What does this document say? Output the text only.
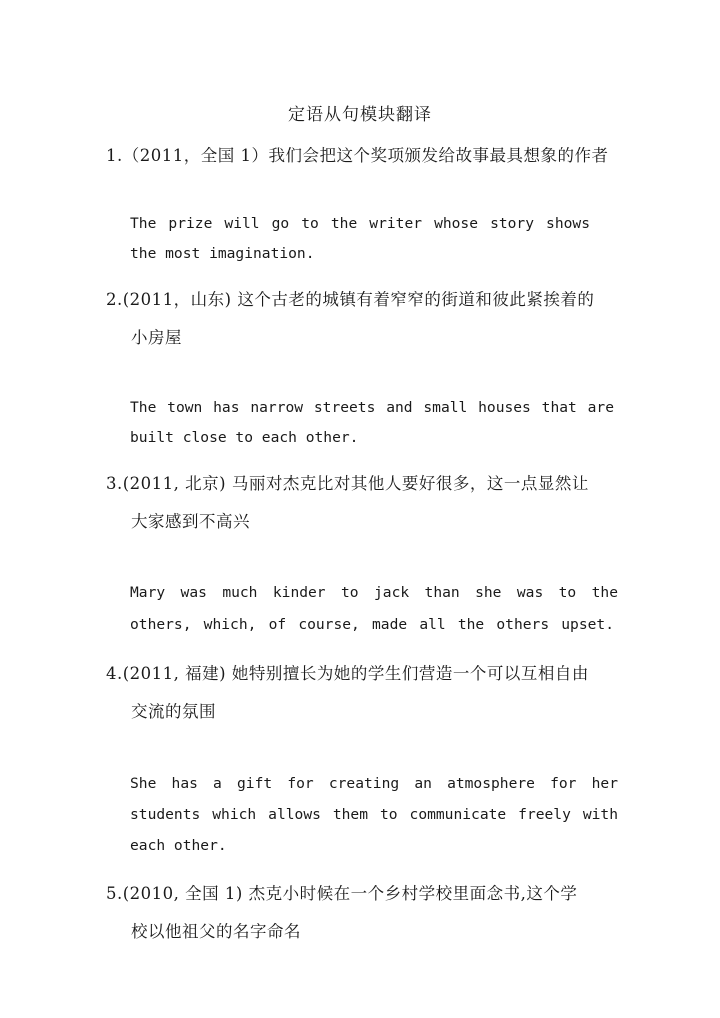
定语从句模块翻译
1.（2011，全国 1）我们会把这个奖项颁发给故事最具想象的作者
The prize will go to the writer whose story shows
the most imagination.
2.(2011，山东) 这个古老的城镇有着窄窄的街道和彼此紧挨着的
小房屋
The town has narrow streets and small houses that are
built close to each other.
3.(2011, 北京) 马丽对杰克比对其他人要好很多，这一点显然让
大家感到不高兴
Mary was much kinder to jack than she was to the
others, which, of course, made all the others upset.
4.(2011, 福建) 她特别擅长为她的学生们营造一个可以互相自由
交流的氛围
She has a gift for creating an atmosphere for her
students which allows them to communicate freely with
each other.
5.(2010, 全国 1) 杰克小时候在一个乡村学校里面念书,这个学
校以他祖父的名字命名
